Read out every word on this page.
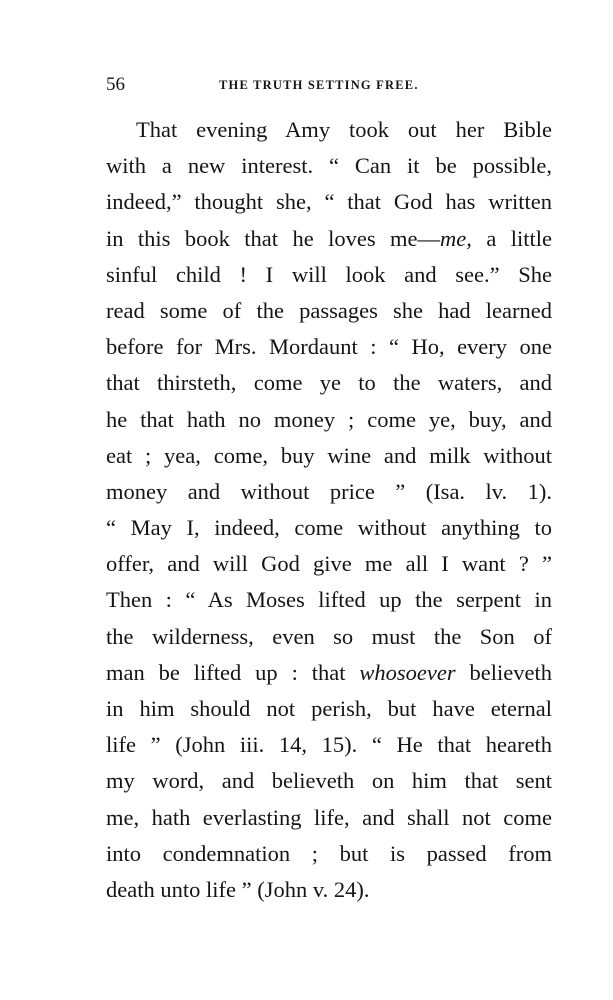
56	THE TRUTH SETTING FREE.
That evening Amy took out her Bible
with a new interest. “ Can it be possible,
indeed,” thought she, “ that God has written
in this book that he loves me—me, a little
sinful child ! I will look and see.” She
read some of the passages she had learned
before for Mrs. Mordaunt : “ Ho, every one
that thirsteth, come ye to the waters, and
he that hath no money ; come ye, buy, and
eat ; yea, come, buy wine and milk without
money and without price ” (Isa. lv. 1).
“ May I, indeed, come without anything to
offer, and will God give me all I want ? ”
Then : “ As Moses lifted up the serpent in
the wilderness, even so must the Son of
man be lifted up : that whosoever believeth
in him should not perish, but have eternal
life ” (John iii. 14, 15). “ He that heareth
my word, and believeth on him that sent
me, hath everlasting life, and shall not come
into condemnation ; but is passed from
death unto life ” (John v. 24).
